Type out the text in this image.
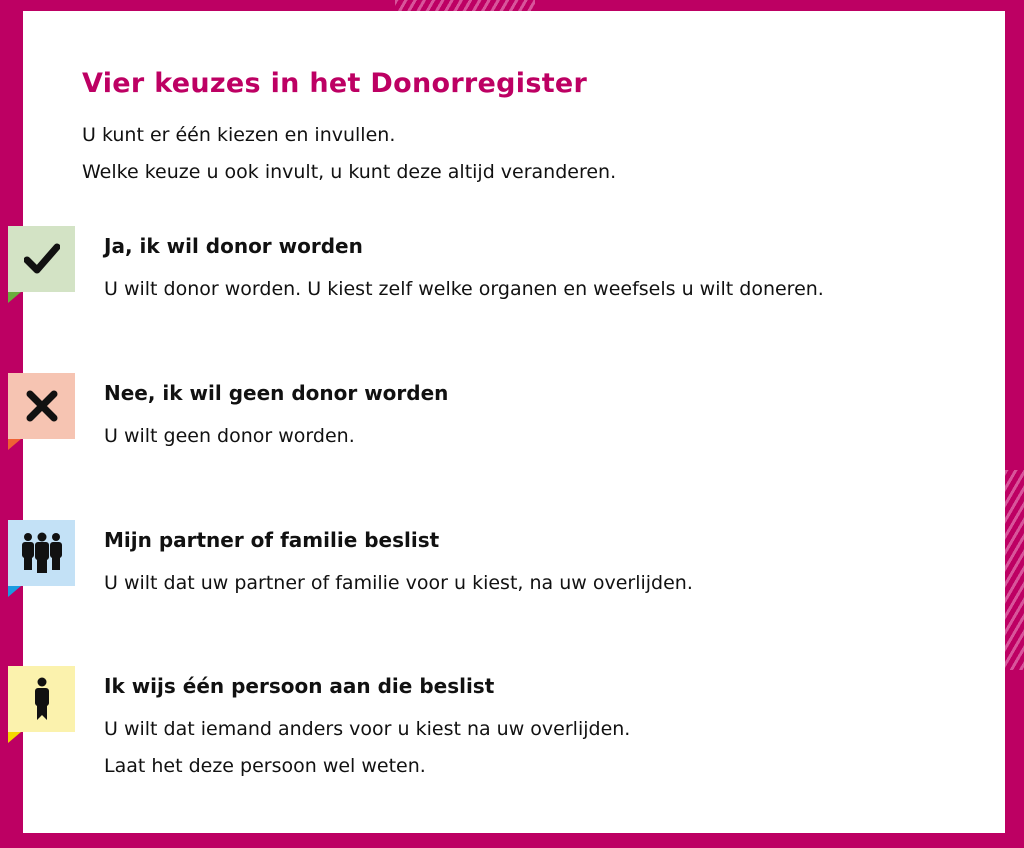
Vier keuzes in het Donorregister
U kunt er één kiezen en invullen.
Welke keuze u ook invult, u kunt deze altijd veranderen.
Ja, ik wil donor worden
U wilt donor worden. U kiest zelf welke organen en weefsels u wilt doneren.
Nee, ik wil geen donor worden
U wilt geen donor worden.
Mijn partner of familie beslist
U wilt dat uw partner of familie voor u kiest, na uw overlijden.
Ik wijs één persoon aan die beslist
U wilt dat iemand anders voor u kiest na uw overlijden.
Laat het deze persoon wel weten.
